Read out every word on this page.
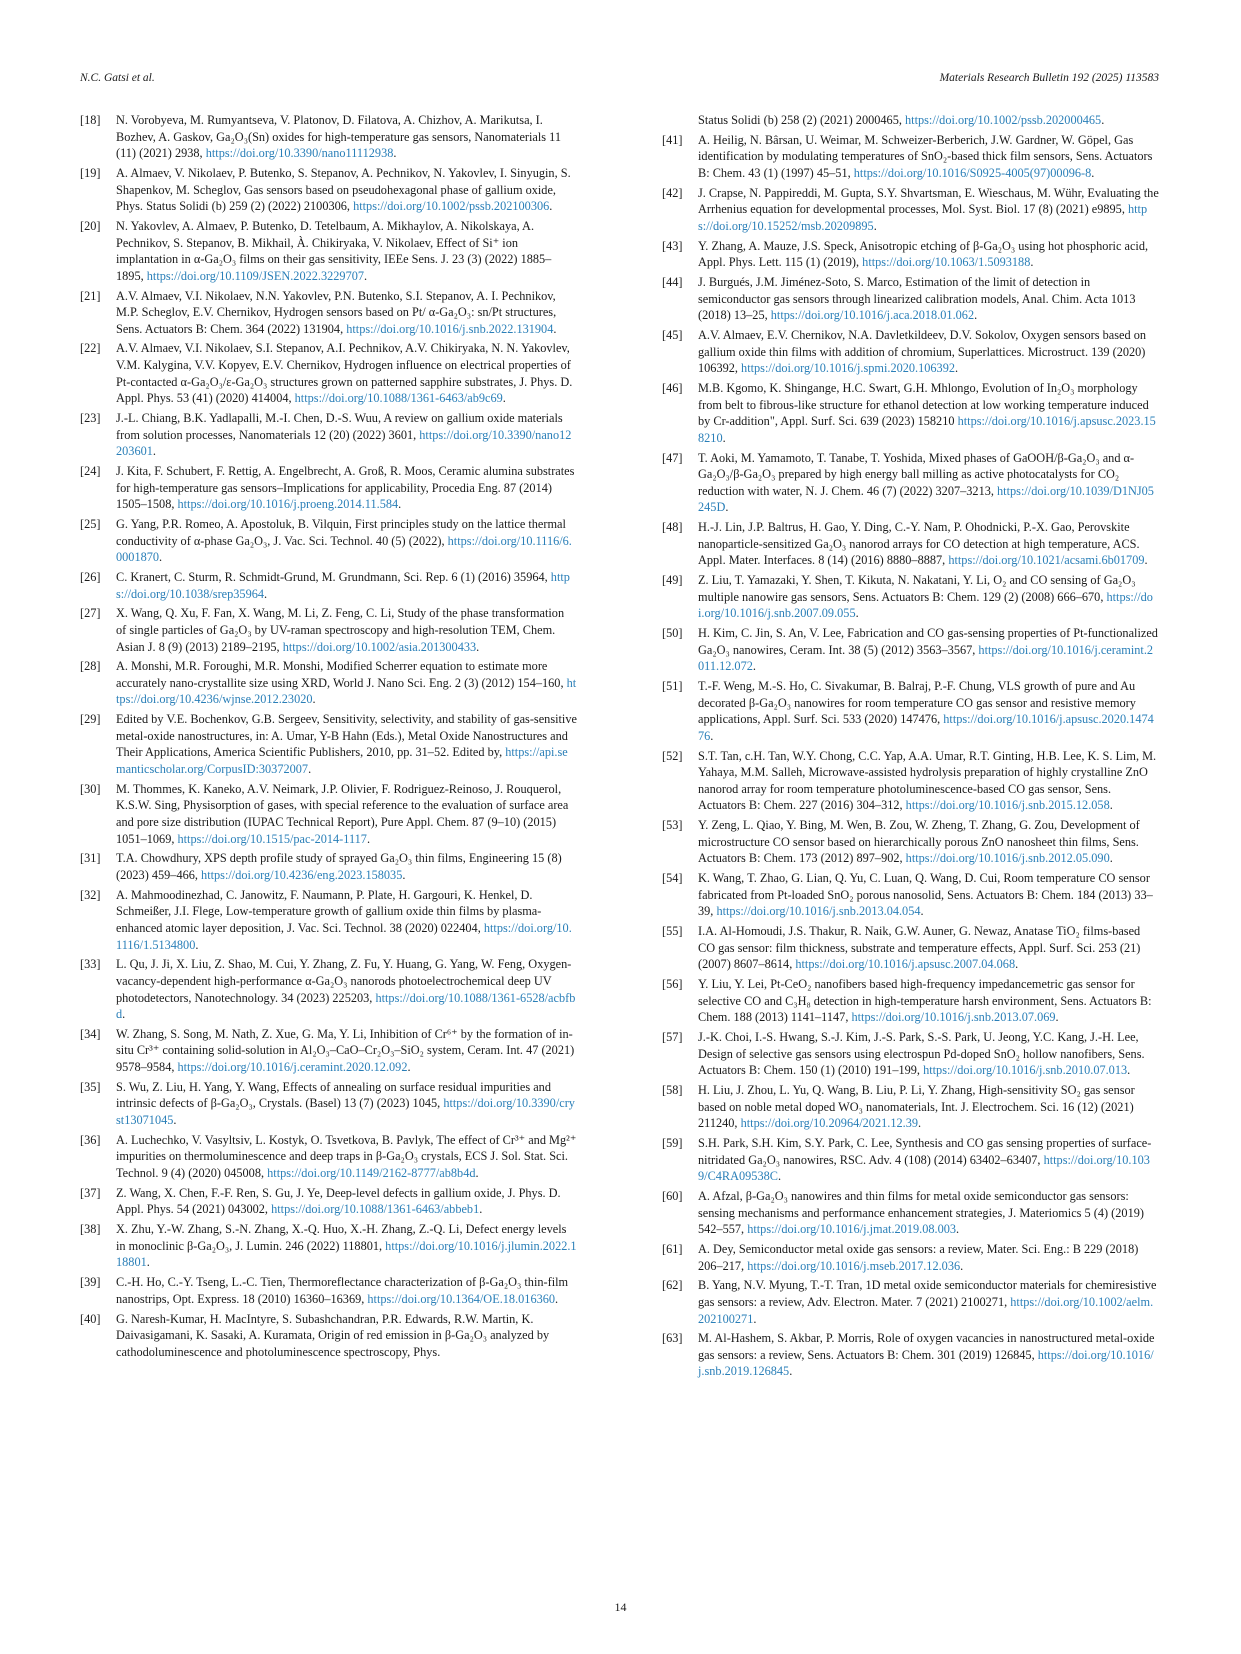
N.C. Gatsi et al.	Materials Research Bulletin 192 (2025) 113583
[18] N. Vorobyeva, M. Rumyantseva, V. Platonov, D. Filatova, A. Chizhov, A. Marikutsa, I. Bozhev, A. Gaskov, Ga₂O₃(Sn) oxides for high-temperature gas sensors, Nanomaterials 11 (11) (2021) 2938, https://doi.org/10.3390/nano11112938.
[19] A. Almaev, V. Nikolaev, P. Butenko, S. Stepanov, A. Pechnikov, N. Yakovlev, I. Sinyugin, S. Shapenkov, M. Scheglov, Gas sensors based on pseudohexagonal phase of gallium oxide, Phys. Status Solidi (b) 259 (2) (2022) 2100306, https://doi.org/10.1002/pssb.202100306.
[20] N. Yakovlev, A. Almaev, P. Butenko, D. Tetelbaum, A. Mikhaylov, A. Nikolskaya, A. Pechnikov, S. Stepanov, B. Mikhail, À. Chikiryaka, V. Nikolaev, Effect of Si⁺ ion implantation in α-Ga₂O₃ films on their gas sensitivity, IEEe Sens. J. 23 (3) (2022) 1885–1895, https://doi.org/10.1109/JSEN.2022.3229707.
[21] A.V. Almaev, V.I. Nikolaev, N.N. Yakovlev, P.N. Butenko, S.I. Stepanov, A. I. Pechnikov, M.P. Scheglov, E.V. Chernikov, Hydrogen sensors based on Pt/ α-Ga₂O₃: sn/Pt structures, Sens. Actuators B: Chem. 364 (2022) 131904, https://doi.org/10.1016/j.snb.2022.131904.
[22] A.V. Almaev, V.I. Nikolaev, S.I. Stepanov, A.I. Pechnikov, A.V. Chikiryaka, N. N. Yakovlev, V.M. Kalygina, V.V. Kopyev, E.V. Chernikov, Hydrogen influence on electrical properties of Pt-contacted α-Ga₂O₃/ε-Ga₂O₃ structures grown on patterned sapphire substrates, J. Phys. D. Appl. Phys. 53 (41) (2020) 414004, https://doi.org/10.1088/1361-6463/ab9c69.
[23] J.-L. Chiang, B.K. Yadlapalli, M.-I. Chen, D.-S. Wuu, A review on gallium oxide materials from solution processes, Nanomaterials 12 (20) (2022) 3601, https://doi.org/10.3390/nano12203601.
[24] J. Kita, F. Schubert, F. Rettig, A. Engelbrecht, A. Groß, R. Moos, Ceramic alumina substrates for high-temperature gas sensors–Implications for applicability, Procedia Eng. 87 (2014) 1505–1508, https://doi.org/10.1016/j.proeng.2014.11.584.
[25] G. Yang, P.R. Romeo, A. Apostoluk, B. Vilquin, First principles study on the lattice thermal conductivity of α-phase Ga₂O₃, J. Vac. Sci. Technol. 40 (5) (2022), https://doi.org/10.1116/6.0001870.
[26] C. Kranert, C. Sturm, R. Schmidt-Grund, M. Grundmann, Sci. Rep. 6 (1) (2016) 35964, https://doi.org/10.1038/srep35964.
[27] X. Wang, Q. Xu, F. Fan, X. Wang, M. Li, Z. Feng, C. Li, Study of the phase transformation of single particles of Ga₂O₃ by UV-raman spectroscopy and high-resolution TEM, Chem. Asian J. 8 (9) (2013) 2189–2195, https://doi.org/10.1002/asia.201300433.
[28] A. Monshi, M.R. Foroughi, M.R. Monshi, Modified Scherrer equation to estimate more accurately nano-crystallite size using XRD, World J. Nano Sci. Eng. 2 (3) (2012) 154–160, https://doi.org/10.4236/wjnse.2012.23020.
[29] Edited by V.E. Bochenkov, G.B. Sergeev, Sensitivity, selectivity, and stability of gas-sensitive metal-oxide nanostructures, in: A. Umar, Y-B Hahn (Eds.), Metal Oxide Nanostructures and Their Applications, America Scientific Publishers, 2010, pp. 31–52. Edited by, https://api.semanticscholar.org/CorpusID:30372007.
[30] M. Thommes, K. Kaneko, A.V. Neimark, J.P. Olivier, F. Rodriguez-Reinoso, J. Rouquerol, K.S.W. Sing, Physisorption of gases, with special reference to the evaluation of surface area and pore size distribution (IUPAC Technical Report), Pure Appl. Chem. 87 (9–10) (2015) 1051–1069, https://doi.org/10.1515/pac-2014-1117.
[31] T.A. Chowdhury, XPS depth profile study of sprayed Ga₂O₃ thin films, Engineering 15 (8) (2023) 459–466, https://doi.org/10.4236/eng.2023.158035.
[32] A. Mahmoodinezhad, C. Janowitz, F. Naumann, P. Plate, H. Gargouri, K. Henkel, D. Schmeißer, J.I. Flege, Low-temperature growth of gallium oxide thin films by plasma-enhanced atomic layer deposition, J. Vac. Sci. Technol. 38 (2020) 022404, https://doi.org/10.1116/1.5134800.
[33] L. Qu, J. Ji, X. Liu, Z. Shao, M. Cui, Y. Zhang, Z. Fu, Y. Huang, G. Yang, W. Feng, Oxygen-vacancy-dependent high-performance α-Ga₂O₃ nanorods photoelectrochemical deep UV photodetectors, Nanotechnology. 34 (2023) 225203, https://doi.org/10.1088/1361-6528/acbfbd.
[34] W. Zhang, S. Song, M. Nath, Z. Xue, G. Ma, Y. Li, Inhibition of Cr⁶⁺ by the formation of in-situ Cr³⁺ containing solid-solution in Al₂O₃–CaO–Cr₂O₃–SiO₂ system, Ceram. Int. 47 (2021) 9578–9584, https://doi.org/10.1016/j.ceramint.2020.12.092.
[35] S. Wu, Z. Liu, H. Yang, Y. Wang, Effects of annealing on surface residual impurities and intrinsic defects of β-Ga₂O₃, Crystals. (Basel) 13 (7) (2023) 1045, https://doi.org/10.3390/cryst13071045.
[36] A. Luchechko, V. Vasyltsiv, L. Kostyk, O. Tsvetkova, B. Pavlyk, The effect of Cr³⁺ and Mg²⁺ impurities on thermoluminescence and deep traps in β-Ga₂O₃ crystals, ECS J. Sol. Stat. Sci. Technol. 9 (4) (2020) 045008, https://doi.org/10.1149/2162-8777/ab8b4d.
[37] Z. Wang, X. Chen, F.-F. Ren, S. Gu, J. Ye, Deep-level defects in gallium oxide, J. Phys. D. Appl. Phys. 54 (2021) 043002, https://doi.org/10.1088/1361-6463/abbeb1.
[38] X. Zhu, Y.-W. Zhang, S.-N. Zhang, X.-Q. Huo, X.-H. Zhang, Z.-Q. Li, Defect energy levels in monoclinic β-Ga₂O₃, J. Lumin. 246 (2022) 118801, https://doi.org/10.1016/j.jlumin.2022.118801.
[39] C.-H. Ho, C.-Y. Tseng, L.-C. Tien, Thermoreflectance characterization of β-Ga₂O₃ thin-film nanostrips, Opt. Express. 18 (2010) 16360–16369, https://doi.org/10.1364/OE.18.016360.
[40] G. Naresh-Kumar, H. MacIntyre, S. Subashchandran, P.R. Edwards, R.W. Martin, K. Daivasigamani, K. Sasaki, A. Kuramata, Origin of red emission in β-Ga₂O₃ analyzed by cathodoluminescence and photoluminescence spectroscopy, Phys.
Status Solidi (b) 258 (2) (2021) 2000465, https://doi.org/10.1002/pssb.202000465.
[41] A. Heilig, N. Bârsan, U. Weimar, M. Schweizer-Berberich, J.W. Gardner, W. Göpel, Gas identification by modulating temperatures of SnO₂-based thick film sensors, Sens. Actuators B: Chem. 43 (1) (1997) 45–51, https://doi.org/10.1016/S0925-4005(97)00096-8.
[42] J. Crapse, N. Pappireddi, M. Gupta, S.Y. Shvartsman, E. Wieschaus, M. Wühr, Evaluating the Arrhenius equation for developmental processes, Mol. Syst. Biol. 17 (8) (2021) e9895, https://doi.org/10.15252/msb.20209895.
[43] Y. Zhang, A. Mauze, J.S. Speck, Anisotropic etching of β-Ga₂O₃ using hot phosphoric acid, Appl. Phys. Lett. 115 (1) (2019), https://doi.org/10.1063/1.5093188.
[44] J. Burgués, J.M. Jiménez-Soto, S. Marco, Estimation of the limit of detection in semiconductor gas sensors through linearized calibration models, Anal. Chim. Acta 1013 (2018) 13–25, https://doi.org/10.1016/j.aca.2018.01.062.
[45] A.V. Almaev, E.V. Chernikov, N.A. Davletkildeev, D.V. Sokolov, Oxygen sensors based on gallium oxide thin films with addition of chromium, Superlattices. Microstruct. 139 (2020) 106392, https://doi.org/10.1016/j.spmi.2020.106392.
[46] M.B. Kgomo, K. Shingange, H.C. Swart, G.H. Mhlongo, Evolution of In₂O₃ morphology from belt to fibrous-like structure for ethanol detection at low working temperature induced by Cr-addition", Appl. Surf. Sci. 639 (2023) 158210 https://doi.org/10.1016/j.apsusc.2023.158210.
[47] T. Aoki, M. Yamamoto, T. Tanabe, T. Yoshida, Mixed phases of GaOOH/β-Ga₂O₃ and α-Ga₂O₃/β-Ga₂O₃ prepared by high energy ball milling as active photocatalysts for CO₂ reduction with water, N. J. Chem. 46 (7) (2022) 3207–3213, https://doi.org/10.1039/D1NJ05245D.
[48] H.-J. Lin, J.P. Baltrus, H. Gao, Y. Ding, C.-Y. Nam, P. Ohodnicki, P.-X. Gao, Perovskite nanoparticle-sensitized Ga₂O₃ nanorod arrays for CO detection at high temperature, ACS. Appl. Mater. Interfaces. 8 (14) (2016) 8880–8887, https://doi.org/10.1021/acsami.6b01709.
[49] Z. Liu, T. Yamazaki, Y. Shen, T. Kikuta, N. Nakatani, Y. Li, O₂ and CO sensing of Ga₂O₃ multiple nanowire gas sensors, Sens. Actuators B: Chem. 129 (2) (2008) 666–670, https://doi.org/10.1016/j.snb.2007.09.055.
[50] H. Kim, C. Jin, S. An, V. Lee, Fabrication and CO gas-sensing properties of Pt-functionalized Ga₂O₃ nanowires, Ceram. Int. 38 (5) (2012) 3563–3567, https://doi.org/10.1016/j.ceramint.2011.12.072.
[51] T.-F. Weng, M.-S. Ho, C. Sivakumar, B. Balraj, P.-F. Chung, VLS growth of pure and Au decorated β-Ga₂O₃ nanowires for room temperature CO gas sensor and resistive memory applications, Appl. Surf. Sci. 533 (2020) 147476, https://doi.org/10.1016/j.apsusc.2020.147476.
[52] S.T. Tan, c.H. Tan, W.Y. Chong, C.C. Yap, A.A. Umar, R.T. Ginting, H.B. Lee, K. S. Lim, M. Yahaya, M.M. Salleh, Microwave-assisted hydrolysis preparation of highly crystalline ZnO nanorod array for room temperature photoluminescence-based CO gas sensor, Sens. Actuators B: Chem. 227 (2016) 304–312, https://doi.org/10.1016/j.snb.2015.12.058.
[53] Y. Zeng, L. Qiao, Y. Bing, M. Wen, B. Zou, W. Zheng, T. Zhang, G. Zou, Development of microstructure CO sensor based on hierarchically porous ZnO nanosheet thin films, Sens. Actuators B: Chem. 173 (2012) 897–902, https://doi.org/10.1016/j.snb.2012.05.090.
[54] K. Wang, T. Zhao, G. Lian, Q. Yu, C. Luan, Q. Wang, D. Cui, Room temperature CO sensor fabricated from Pt-loaded SnO₂ porous nanosolid, Sens. Actuators B: Chem. 184 (2013) 33–39, https://doi.org/10.1016/j.snb.2013.04.054.
[55] I.A. Al-Homoudi, J.S. Thakur, R. Naik, G.W. Auner, G. Newaz, Anatase TiO₂ films-based CO gas sensor: film thickness, substrate and temperature effects, Appl. Surf. Sci. 253 (21) (2007) 8607–8614, https://doi.org/10.1016/j.apsusc.2007.04.068.
[56] Y. Liu, Y. Lei, Pt-CeO₂ nanofibers based high-frequency impedancemetric gas sensor for selective CO and C₃H₈ detection in high-temperature harsh environment, Sens. Actuators B: Chem. 188 (2013) 1141–1147, https://doi.org/10.1016/j.snb.2013.07.069.
[57] J.-K. Choi, I.-S. Hwang, S.-J. Kim, J.-S. Park, S.-S. Park, U. Jeong, Y.C. Kang, J.-H. Lee, Design of selective gas sensors using electrospun Pd-doped SnO₂ hollow nanofibers, Sens. Actuators B: Chem. 150 (1) (2010) 191–199, https://doi.org/10.1016/j.snb.2010.07.013.
[58] H. Liu, J. Zhou, L. Yu, Q. Wang, B. Liu, P. Li, Y. Zhang, High-sensitivity SO₂ gas sensor based on noble metal doped WO₃ nanomaterials, Int. J. Electrochem. Sci. 16 (12) (2021) 211240, https://doi.org/10.20964/2021.12.39.
[59] S.H. Park, S.H. Kim, S.Y. Park, C. Lee, Synthesis and CO gas sensing properties of surface-nitridated Ga₂O₃ nanowires, RSC. Adv. 4 (108) (2014) 63402–63407, https://doi.org/10.1039/C4RA09538C.
[60] A. Afzal, β-Ga₂O₃ nanowires and thin films for metal oxide semiconductor gas sensors: sensing mechanisms and performance enhancement strategies, J. Materiomics 5 (4) (2019) 542–557, https://doi.org/10.1016/j.jmat.2019.08.003.
[61] A. Dey, Semiconductor metal oxide gas sensors: a review, Mater. Sci. Eng.: B 229 (2018) 206–217, https://doi.org/10.1016/j.mseb.2017.12.036.
[62] B. Yang, N.V. Myung, T.-T. Tran, 1D metal oxide semiconductor materials for chemiresistive gas sensors: a review, Adv. Electron. Mater. 7 (2021) 2100271, https://doi.org/10.1002/aelm.202100271.
[63] M. Al-Hashem, S. Akbar, P. Morris, Role of oxygen vacancies in nanostructured metal-oxide gas sensors: a review, Sens. Actuators B: Chem. 301 (2019) 126845, https://doi.org/10.1016/j.snb.2019.126845.
14
